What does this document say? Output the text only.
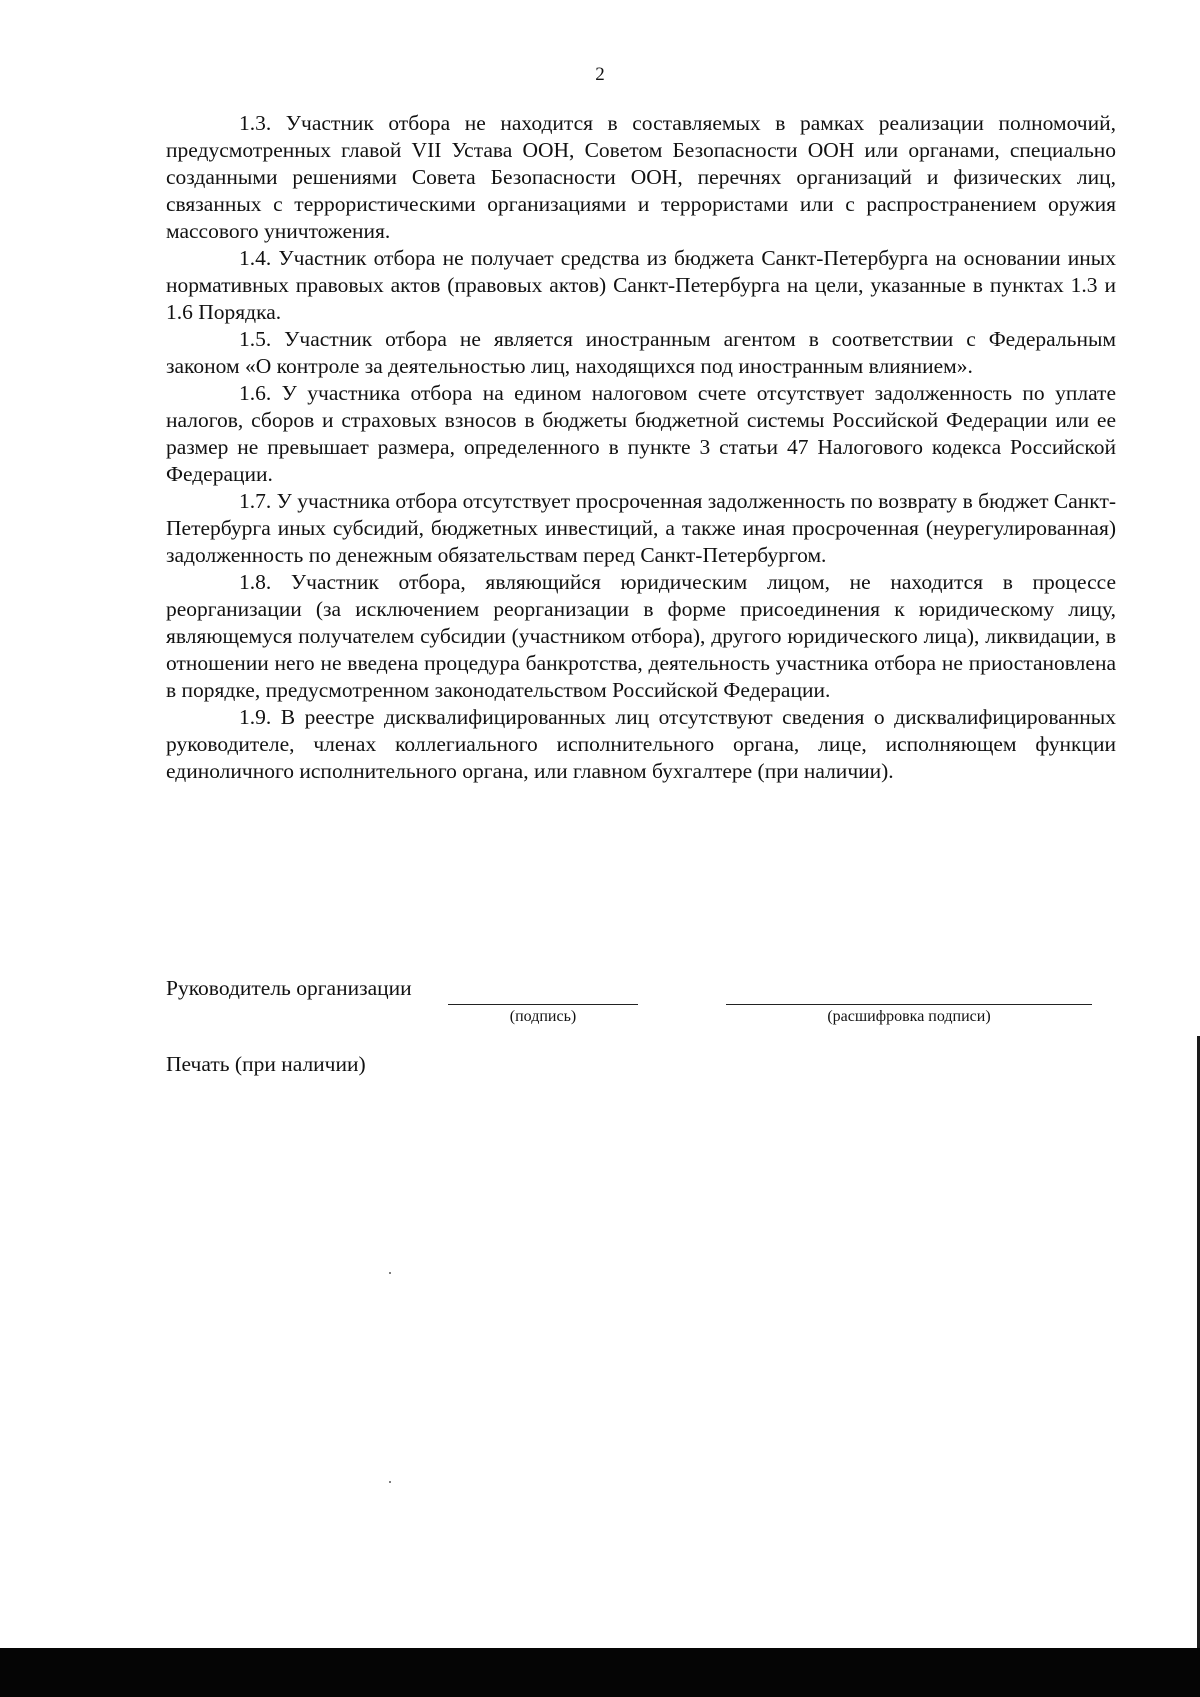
2

1.3. Участник отбора не находится в составляемых в рамках реализации полномочий, предусмотренных главой VII Устава ООН, Советом Безопасности ООН или органами, специально созданными решениями Совета Безопасности ООН, перечнях организаций и физических лиц, связанных с террористическими организациями и террористами или с распространением оружия массового уничтожения.

1.4. Участник отбора не получает средства из бюджета Санкт-Петербурга на основании иных нормативных правовых актов (правовых актов) Санкт-Петербурга на цели, указанные в пунктах 1.3 и 1.6 Порядка.

1.5. Участник отбора не является иностранным агентом в соответствии с Федеральным законом «О контроле за деятельностью лиц, находящихся под иностранным влиянием».

1.6. У участника отбора на едином налоговом счете отсутствует задолженность по уплате налогов, сборов и страховых взносов в бюджеты бюджетной системы Российской Федерации или ее размер не превышает размера, определенного в пункте 3 статьи 47 Налогового кодекса Российской Федерации.

1.7. У участника отбора отсутствует просроченная задолженность по возврату в бюджет Санкт-Петербурга иных субсидий, бюджетных инвестиций, а также иная просроченная (неурегулированная) задолженность по денежным обязательствам перед Санкт-Петербургом.

1.8. Участник отбора, являющийся юридическим лицом, не находится в процессе реорганизации (за исключением реорганизации в форме присоединения к юридическому лицу, являющемуся получателем субсидии (участником отбора), другого юридического лица), ликвидации, в отношении него не введена процедура банкротства, деятельность участника отбора не приостановлена в порядке, предусмотренном законодательством Российской Федерации.

1.9. В реестре дисквалифицированных лиц отсутствуют сведения о дисквалифицированных руководителе, членах коллегиального исполнительного органа, лице, исполняющем функции единоличного исполнительного органа, или главном бухгалтере (при наличии).

Руководитель организации
(подпись)	(расшифровка подписи)
Печать (при наличии)
